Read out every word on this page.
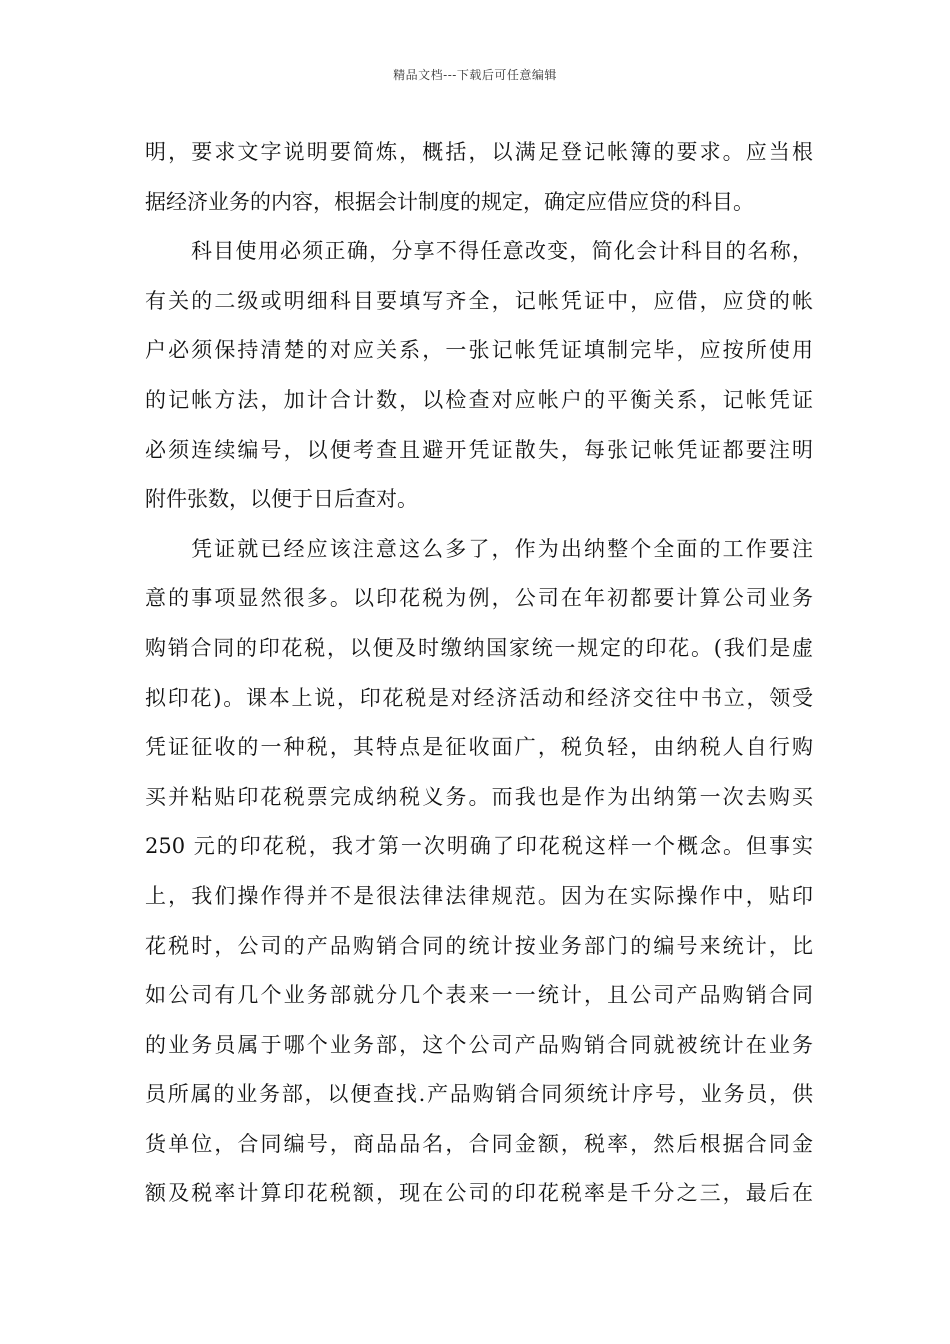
精品文档---下载后可任意编辑
明，要求文字说明要简炼，概括，以满足登记帐簿的要求。应当根
据经济业务的内容，根据会计制度的规定，确定应借应贷的科目。
科目使用必须正确，分享不得任意改变，简化会计科目的名称，
有关的二级或明细科目要填写齐全，记帐凭证中，应借，应贷的帐
户必须保持清楚的对应关系，一张记帐凭证填制完毕，应按所使用
的记帐方法，加计合计数，以检查对应帐户的平衡关系，记帐凭证
必须连续编号，以便考查且避开凭证散失，每张记帐凭证都要注明
附件张数，以便于日后查对。
凭证就已经应该注意这么多了，作为出纳整个全面的工作要注
意的事项显然很多。以印花税为例，公司在年初都要计算公司业务
购销合同的印花税，以便及时缴纳国家统一规定的印花。(我们是虚
拟印花)。课本上说，印花税是对经济活动和经济交往中书立，领受
凭证征收的一种税，其特点是征收面广，税负轻，由纳税人自行购
买并粘贴印花税票完成纳税义务。而我也是作为出纳第一次去购买
250 元的印花税，我才第一次明确了印花税这样一个概念。但事实
上，我们操作得并不是很法律法律规范。因为在实际操作中，贴印
花税时，公司的产品购销合同的统计按业务部门的编号来统计，比
如公司有几个业务部就分几个表来一一统计，且公司产品购销合同
的业务员属于哪个业务部，这个公司产品购销合同就被统计在业务
员所属的业务部，以便查找.产品购销合同须统计序号，业务员，供
货单位，合同编号，商品品名，合同金额，税率，然后根据合同金
额及税率计算印花税额，现在公司的印花税率是千分之三，最后在
